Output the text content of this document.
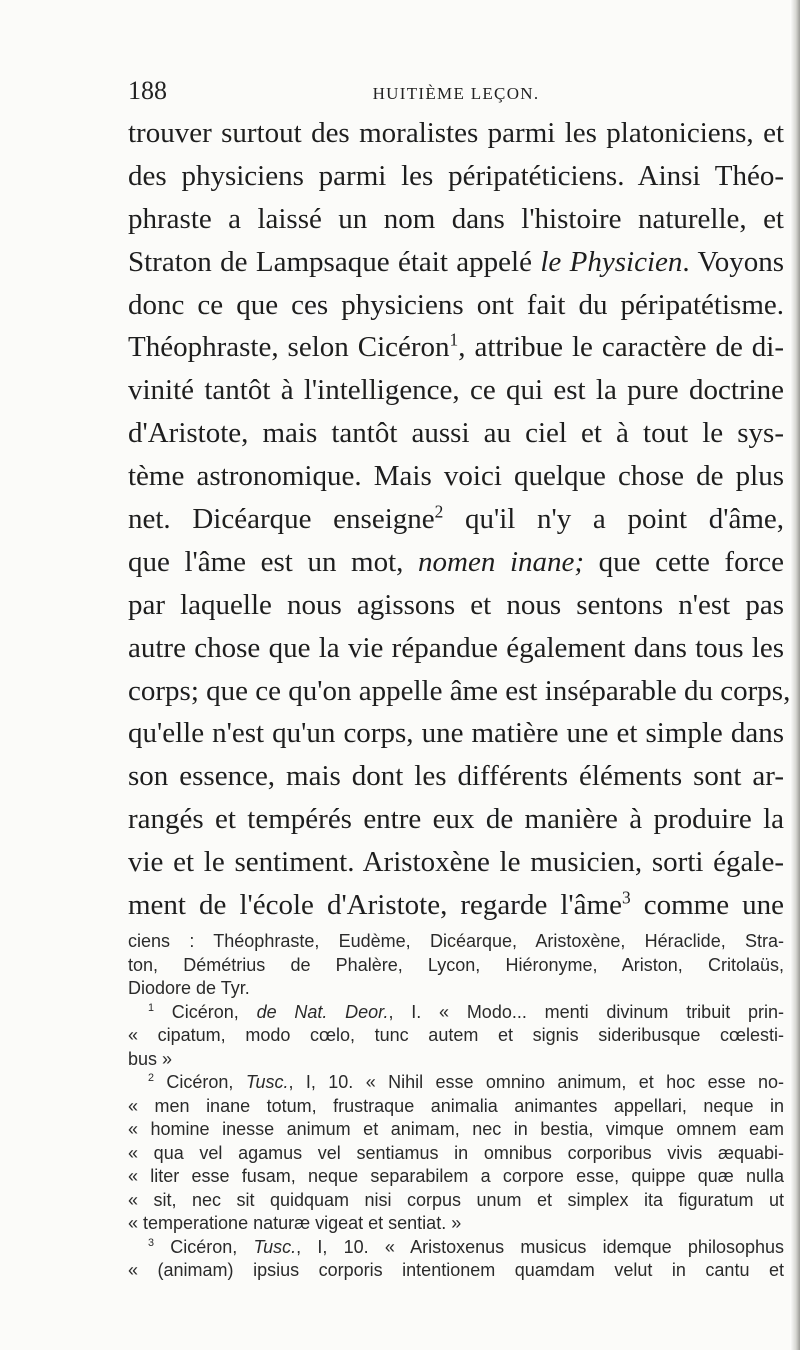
188	HUITIÈME LEÇON.
trouver surtout des moralistes parmi les platoniciens, et
des physiciens parmi les péripatéticiens. Ainsi Théo-
phraste a laissé un nom dans l'histoire naturelle, et
Straton de Lampsaque était appelé le Physicien. Voyons
donc ce que ces physiciens ont fait du péripatétisme.
Théophraste, selon Cicéron$^1$, attribue le caractère de di-
vinité tantôt à l'intelligence, ce qui est la pure doctrine
d'Aristote, mais tantôt aussi au ciel et à tout le sys-
tème astronomique. Mais voici quelque chose de plus
net. Dicéarque enseigne$^2$ qu'il n'y a point d'âme,
que l'âme est un mot, nomen inane; que cette force
par laquelle nous agissons et nous sentons n'est pas
autre chose que la vie répandue également dans tous les
corps; que ce qu'on appelle âme est inséparable du corps,
qu'elle n'est qu'un corps, une matière une et simple dans
son essence, mais dont les différents éléments sont ar-
rangés et tempérés entre eux de manière à produire la
vie et le sentiment. Aristoxène le musicien, sorti égale-
ment de l'école d'Aristote, regarde l'âme$^3$ comme une
ciens : Théophraste, Eudème, Dicéarque, Aristoxène, Héraclide, Stra-
ton, Démétrius de Phalère, Lycon, Hiéronyme, Ariston, Critolaüs,
Diodore de Tyr.
$^1$ Cicéron, de Nat. Deor., I. « Modo... menti divinum tribuit prin-
« cipatum, modo cœlo, tunc autem et signis sideribusque cœlesti-
bus »
$^2$ Cicéron, Tusc., I, 10. « Nihil esse omnino animum, et hoc esse no-
« men inane totum, frustraque animalia animantes appellari, neque in
« homine inesse animum et animam, nec in bestia, vimque omnem eam
« qua vel agamus vel sentiamus in omnibus corporibus vivis æquabi-
« liter esse fusam, neque separabilem a corpore esse, quippe quæ nulla
« sit, nec sit quidquam nisi corpus unum et simplex ita figuratum ut
« temperatione naturæ vigeat et sentiat. »
$^3$ Cicéron, Tusc., I, 10. « Aristoxenus musicus idemque philosophus
« (animam) ipsius corporis intentionem quamdam velut in cantu et
